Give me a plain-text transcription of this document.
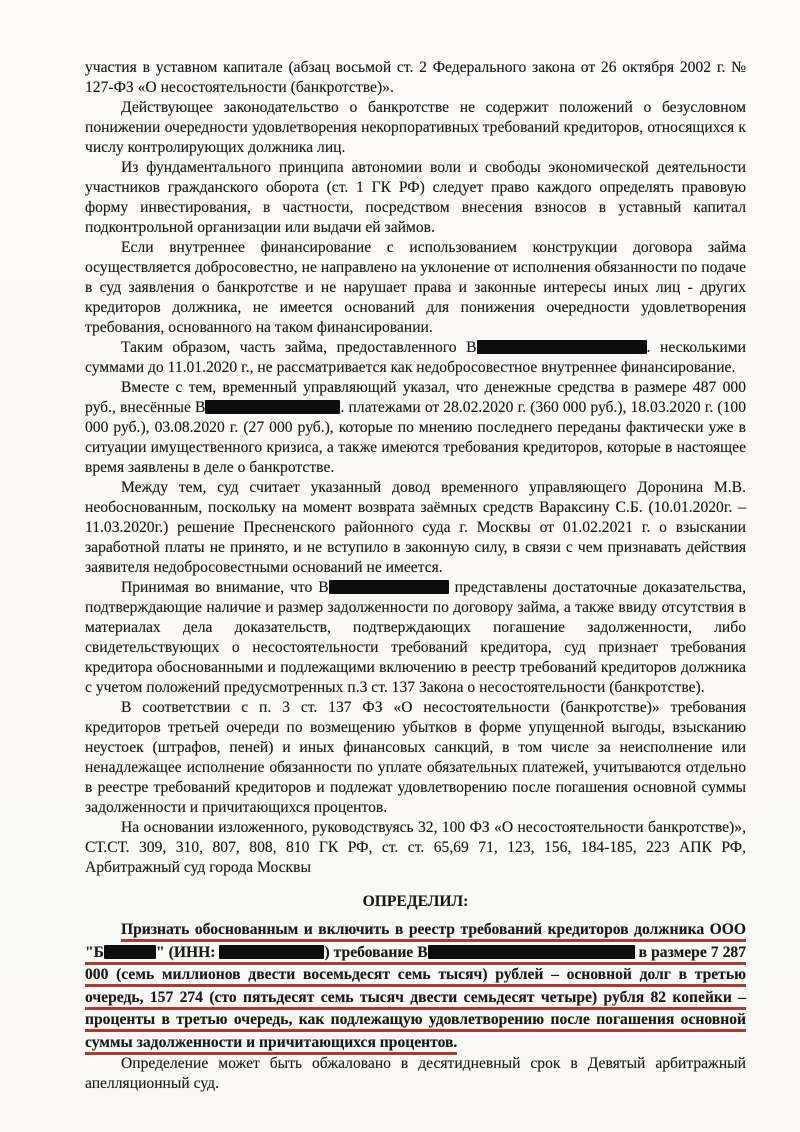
участия в уставном капитале (абзац восьмой ст. 2 Федерального закона от 26 октября 2002 г. № 127-ФЗ «О несостоятельности (банкротстве)».

Действующее законодательство о банкротстве не содержит положений о безусловном понижении очередности удовлетворения некорпоративных требований кредиторов, относящихся к числу контролирующих должника лиц.

Из фундаментального принципа автономии воли и свободы экономической деятельности участников гражданского оборота (ст. 1 ГК РФ) следует право каждого определять правовую форму инвестирования, в частности, посредством внесения взносов в уставный капитал подконтрольной организации или выдачи ей займов.

Если внутреннее финансирование с использованием конструкции договора займа осуществляется добросовестно, не направлено на уклонение от исполнения обязанности по подаче в суд заявления о банкротстве и не нарушает права и законные интересы иных лиц - других кредиторов должника, не имеется оснований для понижения очередности удовлетворения требования, основанного на таком финансировании.

Таким образом, часть займа, предоставленного В	. несколькими суммами до 11.01.2020 г., не рассматривается как недобросовестное внутреннее финансирование.

Вместе с тем, временный управляющий указал, что денежные средства в размере 487 000 руб., внесённые В	. платежами от 28.02.2020 г. (360 000 руб.), 18.03.2020 г. (100 000 руб.), 03.08.2020 г. (27 000 руб.), которые по мнению последнего переданы фактически уже в ситуации имущественного кризиса, а также имеются требования кредиторов, которые в настоящее время заявлены в деле о банкротстве.

Между тем, суд считает указанный довод временного управляющего Доронина М.В. необоснованным, поскольку на момент возврата заёмных средств Вараксину С.Б. (10.01.2020г. – 11.03.2020г.) решение Пресненского районного суда г. Москвы от 01.02.2021 г. о взыскании заработной платы не принято, и не вступило в законную силу, в связи с чем признавать действия заявителя недобросовестными оснований не имеется.

Принимая во внимание, что В	представлены достаточные доказательства, подтверждающие наличие и размер задолженности по договору займа, а также ввиду отсутствия в материалах дела доказательств, подтверждающих погашение задолженности, либо свидетельствующих о несостоятельности требований кредитора, суд признает требования кредитора обоснованными и подлежащими включению в реестр требований кредиторов должника с учетом положений предусмотренных п.3 ст. 137 Закона о несостоятельности (банкротстве).

В соответствии с п. 3 ст. 137 ФЗ «О несостоятельности (банкротстве)» требования кредиторов третьей очереди по возмещению убытков в форме упущенной выгоды, взысканию неустоек (штрафов, пеней) и иных финансовых санкций, в том числе за неисполнение или ненадлежащее исполнение обязанности по уплате обязательных платежей, учитываются отдельно в реестре требований кредиторов и подлежат удовлетворению после погашения основной суммы задолженности и причитающихся процентов.

На основании изложенного, руководствуясь 32, 100 ФЗ «О несостоятельности банкротстве)», СТ.СТ. 309, 310, 807, 808, 810 ГК РФ, ст. ст. 65,69 71, 123, 156, 184-185, 223 АПК РФ, Арбитражный суд города Москвы

ОПРЕДЕЛИЛ:

Признать обоснованным и включить в реестр требований кредиторов должника ООО "Б	" (ИНН:	) требование В	в размере 7 287 000 (семь миллионов двести восемьдесят семь тысяч) рублей – основной долг в третью очередь, 157 274 (сто пятьдесят семь тысяч двести семьдесят четыре) рубля 82 копейки – проценты в третью очередь, как подлежащую удовлетворению после погашения основной суммы задолженности и причитающихся процентов.

Определение может быть обжаловано в десятидневный срок в Девятый арбитражный апелляционный суд.
